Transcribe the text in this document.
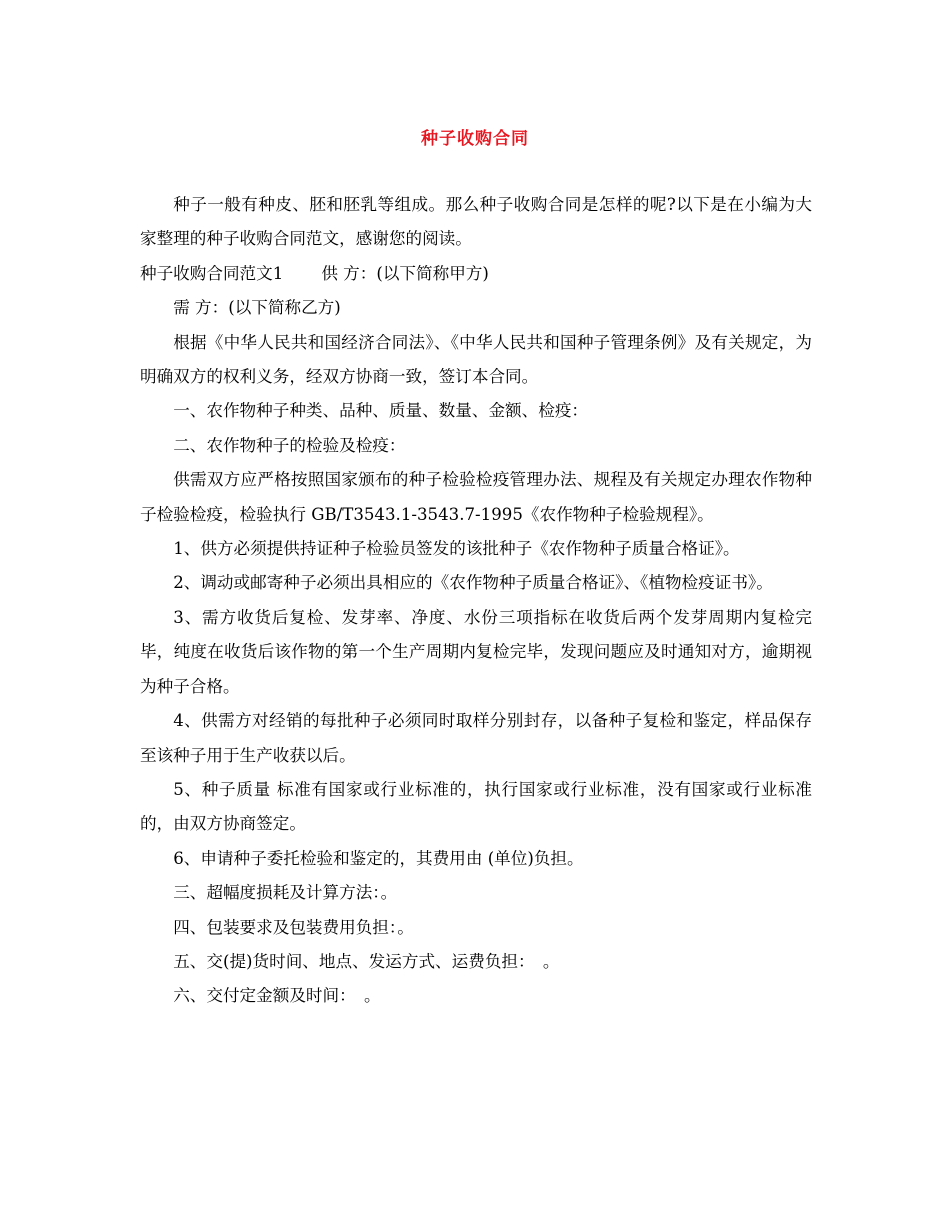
种子收购合同

种子一般有种皮、胚和胚乳等组成。那么种子收购合同是怎样的呢?以下是在小编为大家整理的种子收购合同范文，感谢您的阅读。

种子收购合同范文1 供 方：(以下简称甲方)

需 方：(以下简称乙方)

根据《中华人民共和国经济合同法》、《中华人民共和国种子管理条例》及有关规定，为明确双方的权利义务，经双方协商一致，签订本合同。

一、农作物种子种类、品种、质量、数量、金额、检疫：

二、农作物种子的检验及检疫：

供需双方应严格按照国家颁布的种子检验检疫管理办法、规程及有关规定办理农作物种子检验检疫，检验执行 GB/T3543.1-3543.7-1995《农作物种子检验规程》。

1、供方必须提供持证种子检验员签发的该批种子《农作物种子质量合格证》。

2、调动或邮寄种子必须出具相应的《农作物种子质量合格证》、《植物检疫证书》。

3、需方收货后复检、发芽率、净度、水份三项指标在收货后两个发芽周期内复检完毕，纯度在收货后该作物的第一个生产周期内复检完毕，发现问题应及时通知对方，逾期视为种子合格。

4、供需方对经销的每批种子必须同时取样分别封存，以备种子复检和鉴定，样品保存至该种子用于生产收获以后。

5、种子质量 标准有国家或行业标准的，执行国家或行业标准，没有国家或行业标准的，由双方协商签定。

6、申请种子委托检验和鉴定的，其费用由 (单位)负担。

三、超幅度损耗及计算方法：。

四、包装要求及包装费用负担：。

五、交(提)货时间、地点、发运方式、运费负担：　。

六、交付定金额及时间：　。
